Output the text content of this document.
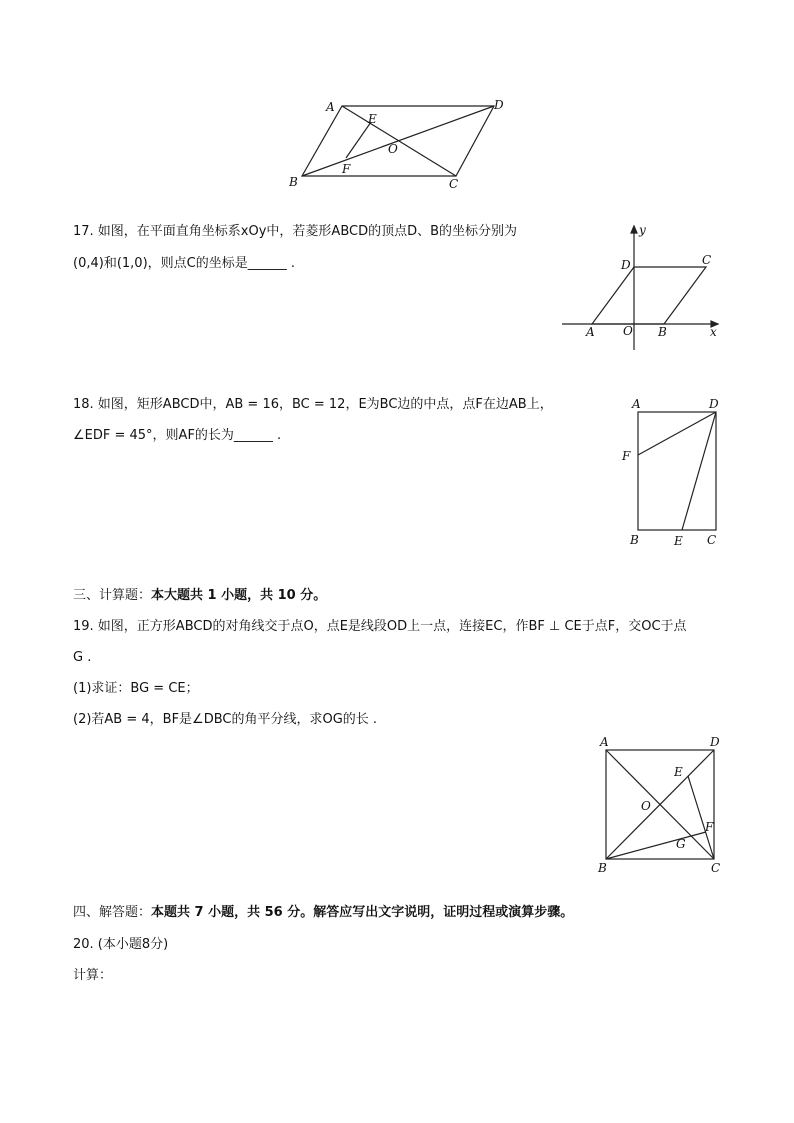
A	D
E
O
F
B	C
17. 如图，在平面直角坐标系xOy中，若菱形ABCD的顶点D、B的坐标分别为
(0,4)和(1,0)，则点C的坐标是______ .
y
D	C
A O B	x
18. 如图，矩形ABCD中，AB = 16，BC = 12，E为BC边的中点，点F在边AB上，
∠EDF = 45°，则AF的长为______ .
A	D
F
B	E C
三、计算题：本大题共 1 小题，共 10 分。
19. 如图，正方形ABCD的对角线交于点O，点E是线段OD上一点，连接EC，作BF ⊥ CE于点F，交OC于点
G .
(1)求证：BG = CE；
(2)若AB = 4，BF是∠DBC的角平分线，求OG的长 .
A	D
E
O
F
G
B	C
四、解答题：本题共 7 小题，共 56 分。解答应写出文字说明，证明过程或演算步骤。
20. (本小题8分)
计算：
